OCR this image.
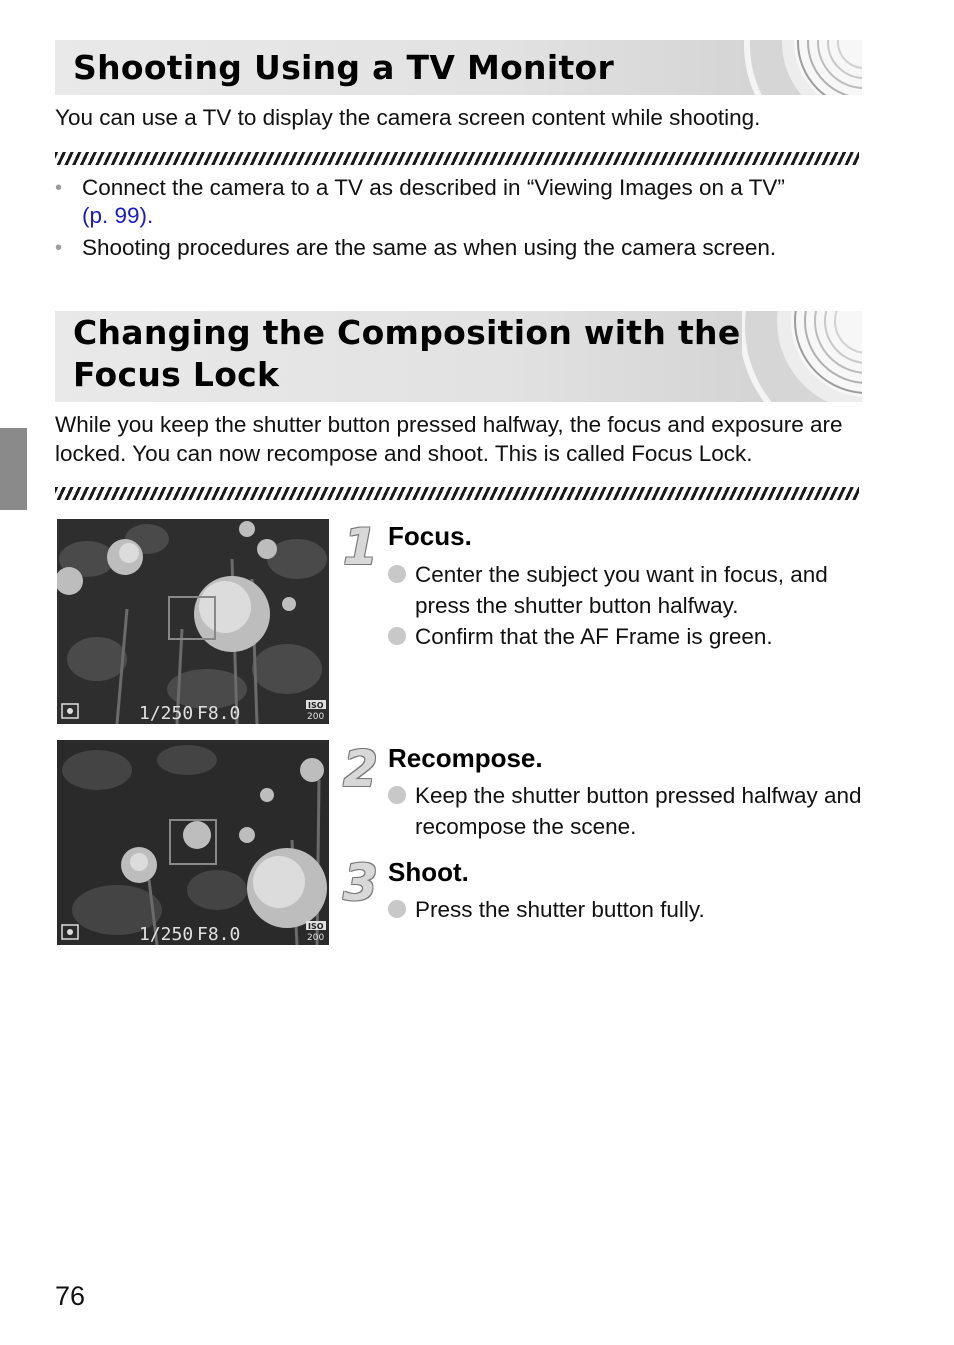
Shooting Using a TV Monitor

You can use a TV to display the camera screen content while shooting.

• Connect the camera to a TV as described in “Viewing Images on a TV”
(p. 99).

• Shooting procedures are the same as when using the camera screen.

Changing the Composition with the
Focus Lock

While you keep the shutter button pressed halfway, the focus and exposure are locked. You can now recompose and shoot. This is called Focus Lock.

1/250 F8.0	ISO
200
1/250 F8.0	ISO
200
1 Focus.

Center the subject you want in focus, and press the shutter button halfway.

Confirm that the AF Frame is green.

2 Recompose.

Keep the shutter button pressed halfway and recompose the scene.

3 Shoot.

Press the shutter button fully.

76
